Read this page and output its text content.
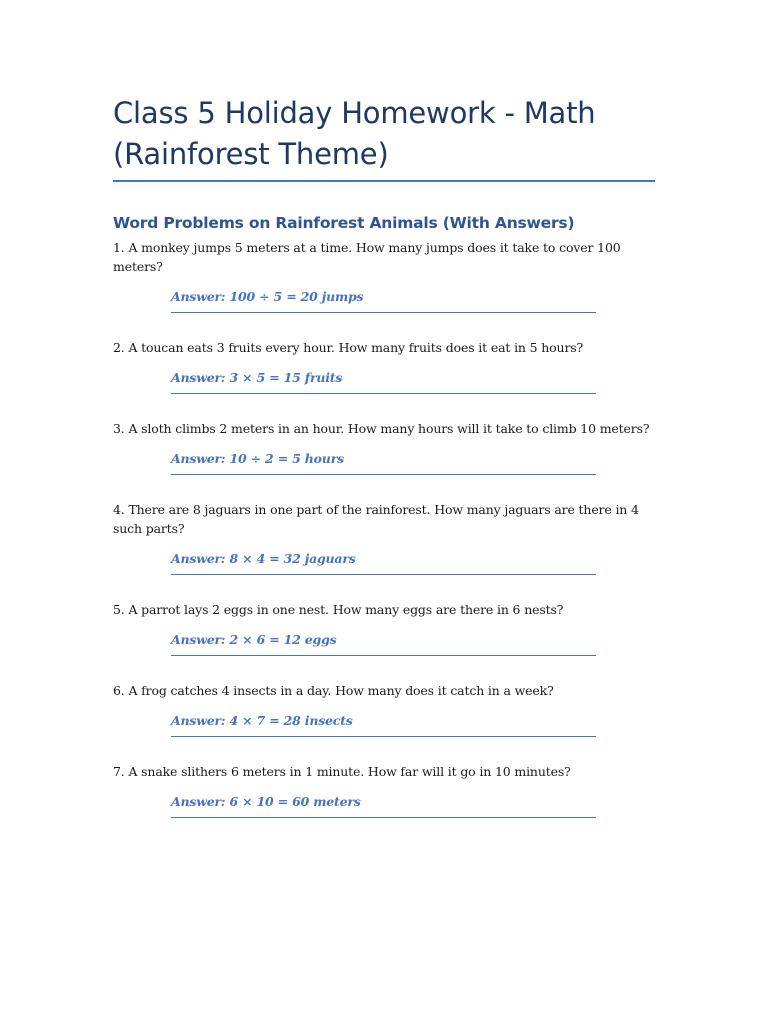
Class 5 Holiday Homework - Math (Rainforest Theme)
Word Problems on Rainforest Animals (With Answers)

1. A monkey jumps 5 meters at a time. How many jumps does it take to cover 100 meters?

Answer: 100 ÷ 5 = 20 jumps

2. A toucan eats 3 fruits every hour. How many fruits does it eat in 5 hours?

Answer: 3 × 5 = 15 fruits

3. A sloth climbs 2 meters in an hour. How many hours will it take to climb 10 meters?

Answer: 10 ÷ 2 = 5 hours

4. There are 8 jaguars in one part of the rainforest. How many jaguars are there in 4 such parts?

Answer: 8 × 4 = 32 jaguars

5. A parrot lays 2 eggs in one nest. How many eggs are there in 6 nests?

Answer: 2 × 6 = 12 eggs

6. A frog catches 4 insects in a day. How many does it catch in a week?

Answer: 4 × 7 = 28 insects

7. A snake slithers 6 meters in 1 minute. How far will it go in 10 minutes?

Answer: 6 × 10 = 60 meters
